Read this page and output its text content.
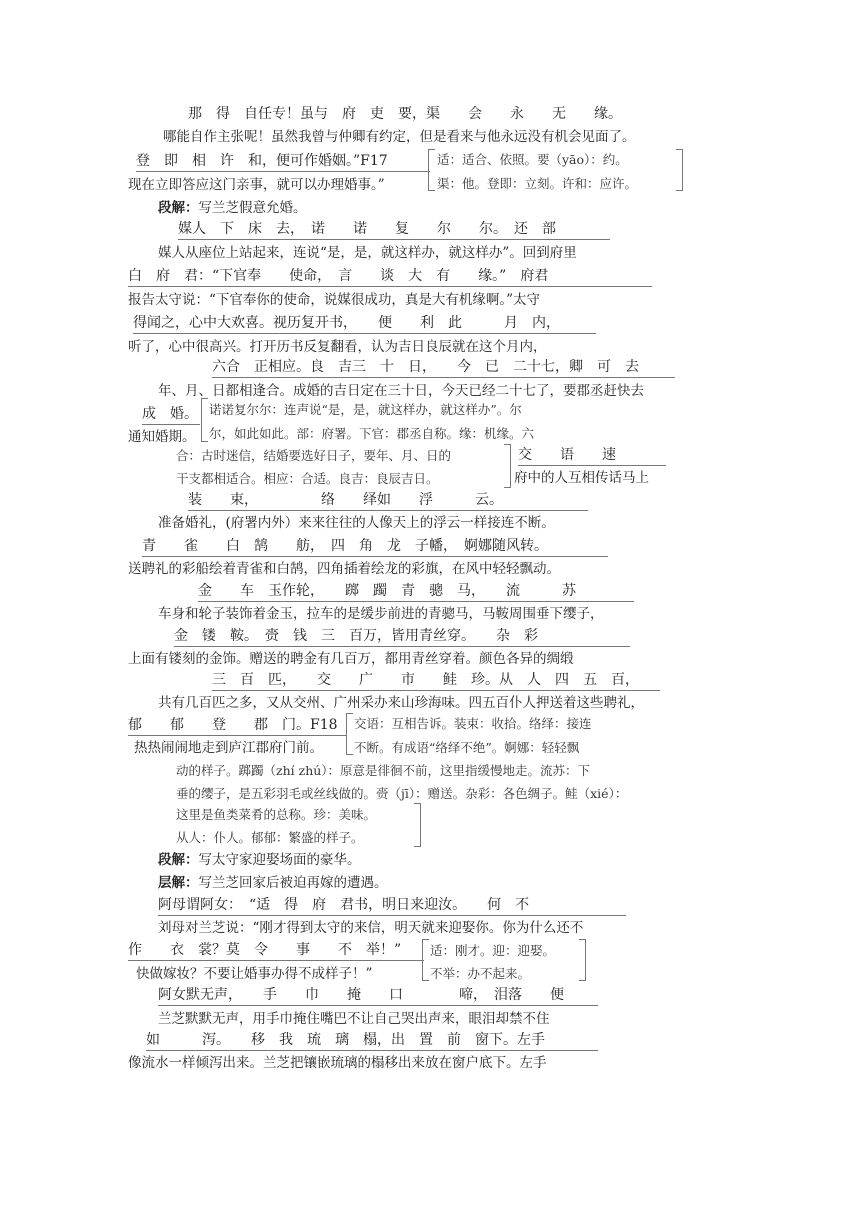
那　得　自任专！虽与　府　吏　要，渠　　会　　永　　无　　缘。
哪能自作主张呢！虽然我曾与仲卿有约定，但是看来与他永远没有机会见面了。
登　即　相　许　和，便可作婚姻。”F17
现在立即答应这门亲事，就可以办理婚事。”
适：适合、依照。要（yāo）：约。
渠：他。登即：立刻。许和：应许。
段解：写兰芝假意允婚。
媒人　下　床　去，　诺　　诺　　复　　尔　　尔。　还　部
媒人从座位上站起来，连说“是，是，就这样办，就这样办”。回到府里
白　府　君：“下官奉　　使命，　言　　谈　大　有　　缘。”　府君
报告太守说：“下官奉你的使命，说媒很成功，真是大有机缘啊。”太守
得闻之，心中大欢喜。视历复开书，　　便　　利　此　　　月　内，
听了，心中很高兴。打开历书反复翻看，认为吉日良辰就在这个月内，
六合　正相应。良　吉三　十　日，　　今　已　二十七，卿　可　去
年、月、日都相逢合。成婚的吉日定在三十日，今天已经二十七了，要郡丞赶快去
成　婚。
通知婚期。
诺诺复尔尔：连声说“是，是，就这样办，就这样办”。尔
尔，如此如此。部：府署。下官：郡丞自称。缘：机缘。六
合：古时迷信，结婚要选好日子，要年、月、日的
干支都相适合。相应：合适。良吉：良辰吉日。
交　　语　　速
府中的人互相传话马上
装　　束，　　　　　络　　绎如　　浮　　　云。
准备婚礼，(府署内外）来来往往的人像天上的浮云一样接连不断。
青　　雀　　白　鹄　　舫，　四　角　龙　子幡，　婀娜随风转。
送聘礼的彩船绘着青雀和白鹄，四角插着绘龙的彩旗，在风中轻轻飘动。
金　　车　玉作轮，　　踯　躅　青　骢　马，　　流　　　苏
车身和轮子装饰着金玉，拉车的是缓步前进的青骢马，马鞍周围垂下缨子，
金　镂　鞍。　赍　钱　三　百万，皆用青丝穿。　　杂　彩
上面有镂刻的金饰。赠送的聘金有几百万，都用青丝穿着。颜色各异的绸缎
三　百　匹，　　交　　广　　市　　鲑　珍。从　人　四　五　百，
共有几百匹之多，又从交州、广州采办来山珍海味。四五百仆人押送着这些聘礼，
郁　　郁　　登　　郡　门。F18
热热闹闹地走到庐江郡府门前。
交语：互相告诉。装束：收拾。络绎：接连
不断。有成语“络绎不绝”。婀娜：轻轻飘
动的样子。踯躅（zhí zhú）：原意是徘徊不前，这里指缓慢地走。流苏：下
垂的缨子，是五彩羽毛或丝线做的。赍（jī）：赠送。杂彩：各色绸子。鲑（xié）：
这里是鱼类菜肴的总称。珍：美味。
从人：仆人。郁郁：繁盛的样子。
段解：写太守家迎娶场面的豪华。
层解：写兰芝回家后被迫再嫁的遭遇。
阿母谓阿女：　“适　得　府　君书，明日来迎汝。　　何　不
刘母对兰芝说：“刚才得到太守的来信，明天就来迎娶你。你为什么还不
作　　衣　裳？莫　令　　事　　不　举！”
快做嫁妆？不要让婚事办得不成样子！”
适：刚才。迎：迎娶。
不举：办不起来。
阿女默无声，　　手　　巾　　掩　　口　　　　啼，　泪落　　便
兰芝默默无声，用手巾掩住嘴巴不让自己哭出声来，眼泪却禁不住
如　　　泻。　　移　我　琉　璃　榻，出　置　前　窗下。左手
像流水一样倾泻出来。兰芝把镶嵌琉璃的榻移出来放在窗户底下。左手
